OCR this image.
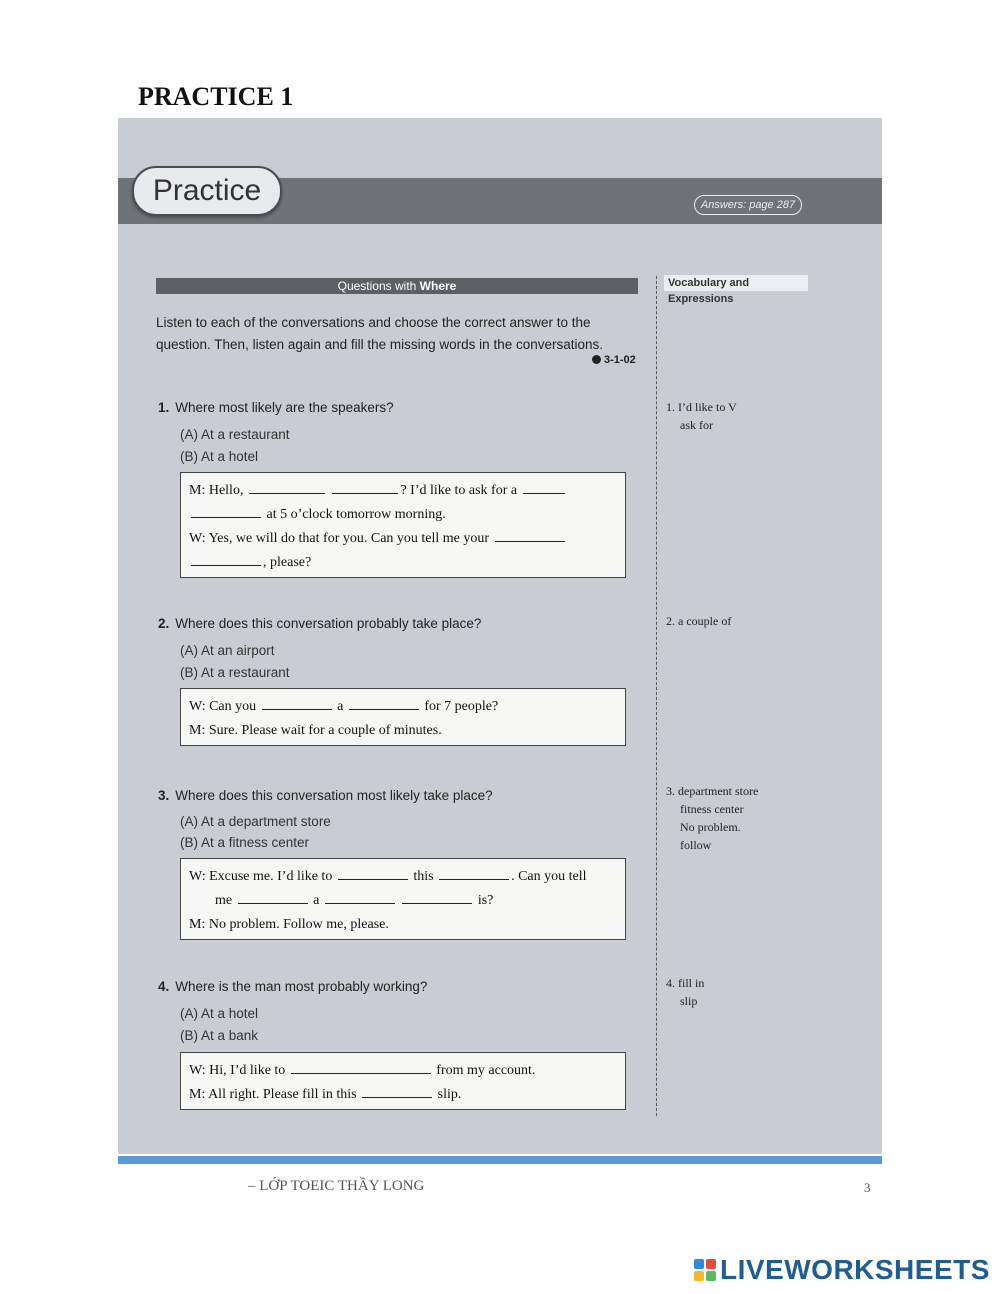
PRACTICE 1
Practice	Answers: page 287
Questions with Where	Vocabulary and Expressions
Listen to each of the conversations and choose the correct answer to the question. Then, listen again and fill the missing words in the conversations.
3-1-02
1. Where most likely are the speakers?
(A) At a restaurant
(B) At a hotel
M: Hello,	? I’d like to ask for a
at 5 o’clock tomorrow morning.
W: Yes, we will do that for you. Can you tell me your
, please?
1. I’d like to V
ask for
2. Where does this conversation probably take place?
(A) At an airport
(B) At a restaurant
W: Can you	a	for 7 people?
M: Sure. Please wait for a couple of minutes.
2. a couple of
3. Where does this conversation most likely take place?
(A) At a department store
(B) At a fitness center
W: Excuse me. I’d like to	this	. Can you tell
me	a	is?
M: No problem. Follow me, please.
3. department store
fitness center
No problem.
follow
4. Where is the man most probably working?
(A) At a hotel
(B) At a bank
W: Hi, I’d like to	from my account.
M: All right. Please fill in this	slip.
4. fill in
slip
– LỚP TOEIC THẦY LONG	3
LIVEWORKSHEETS
